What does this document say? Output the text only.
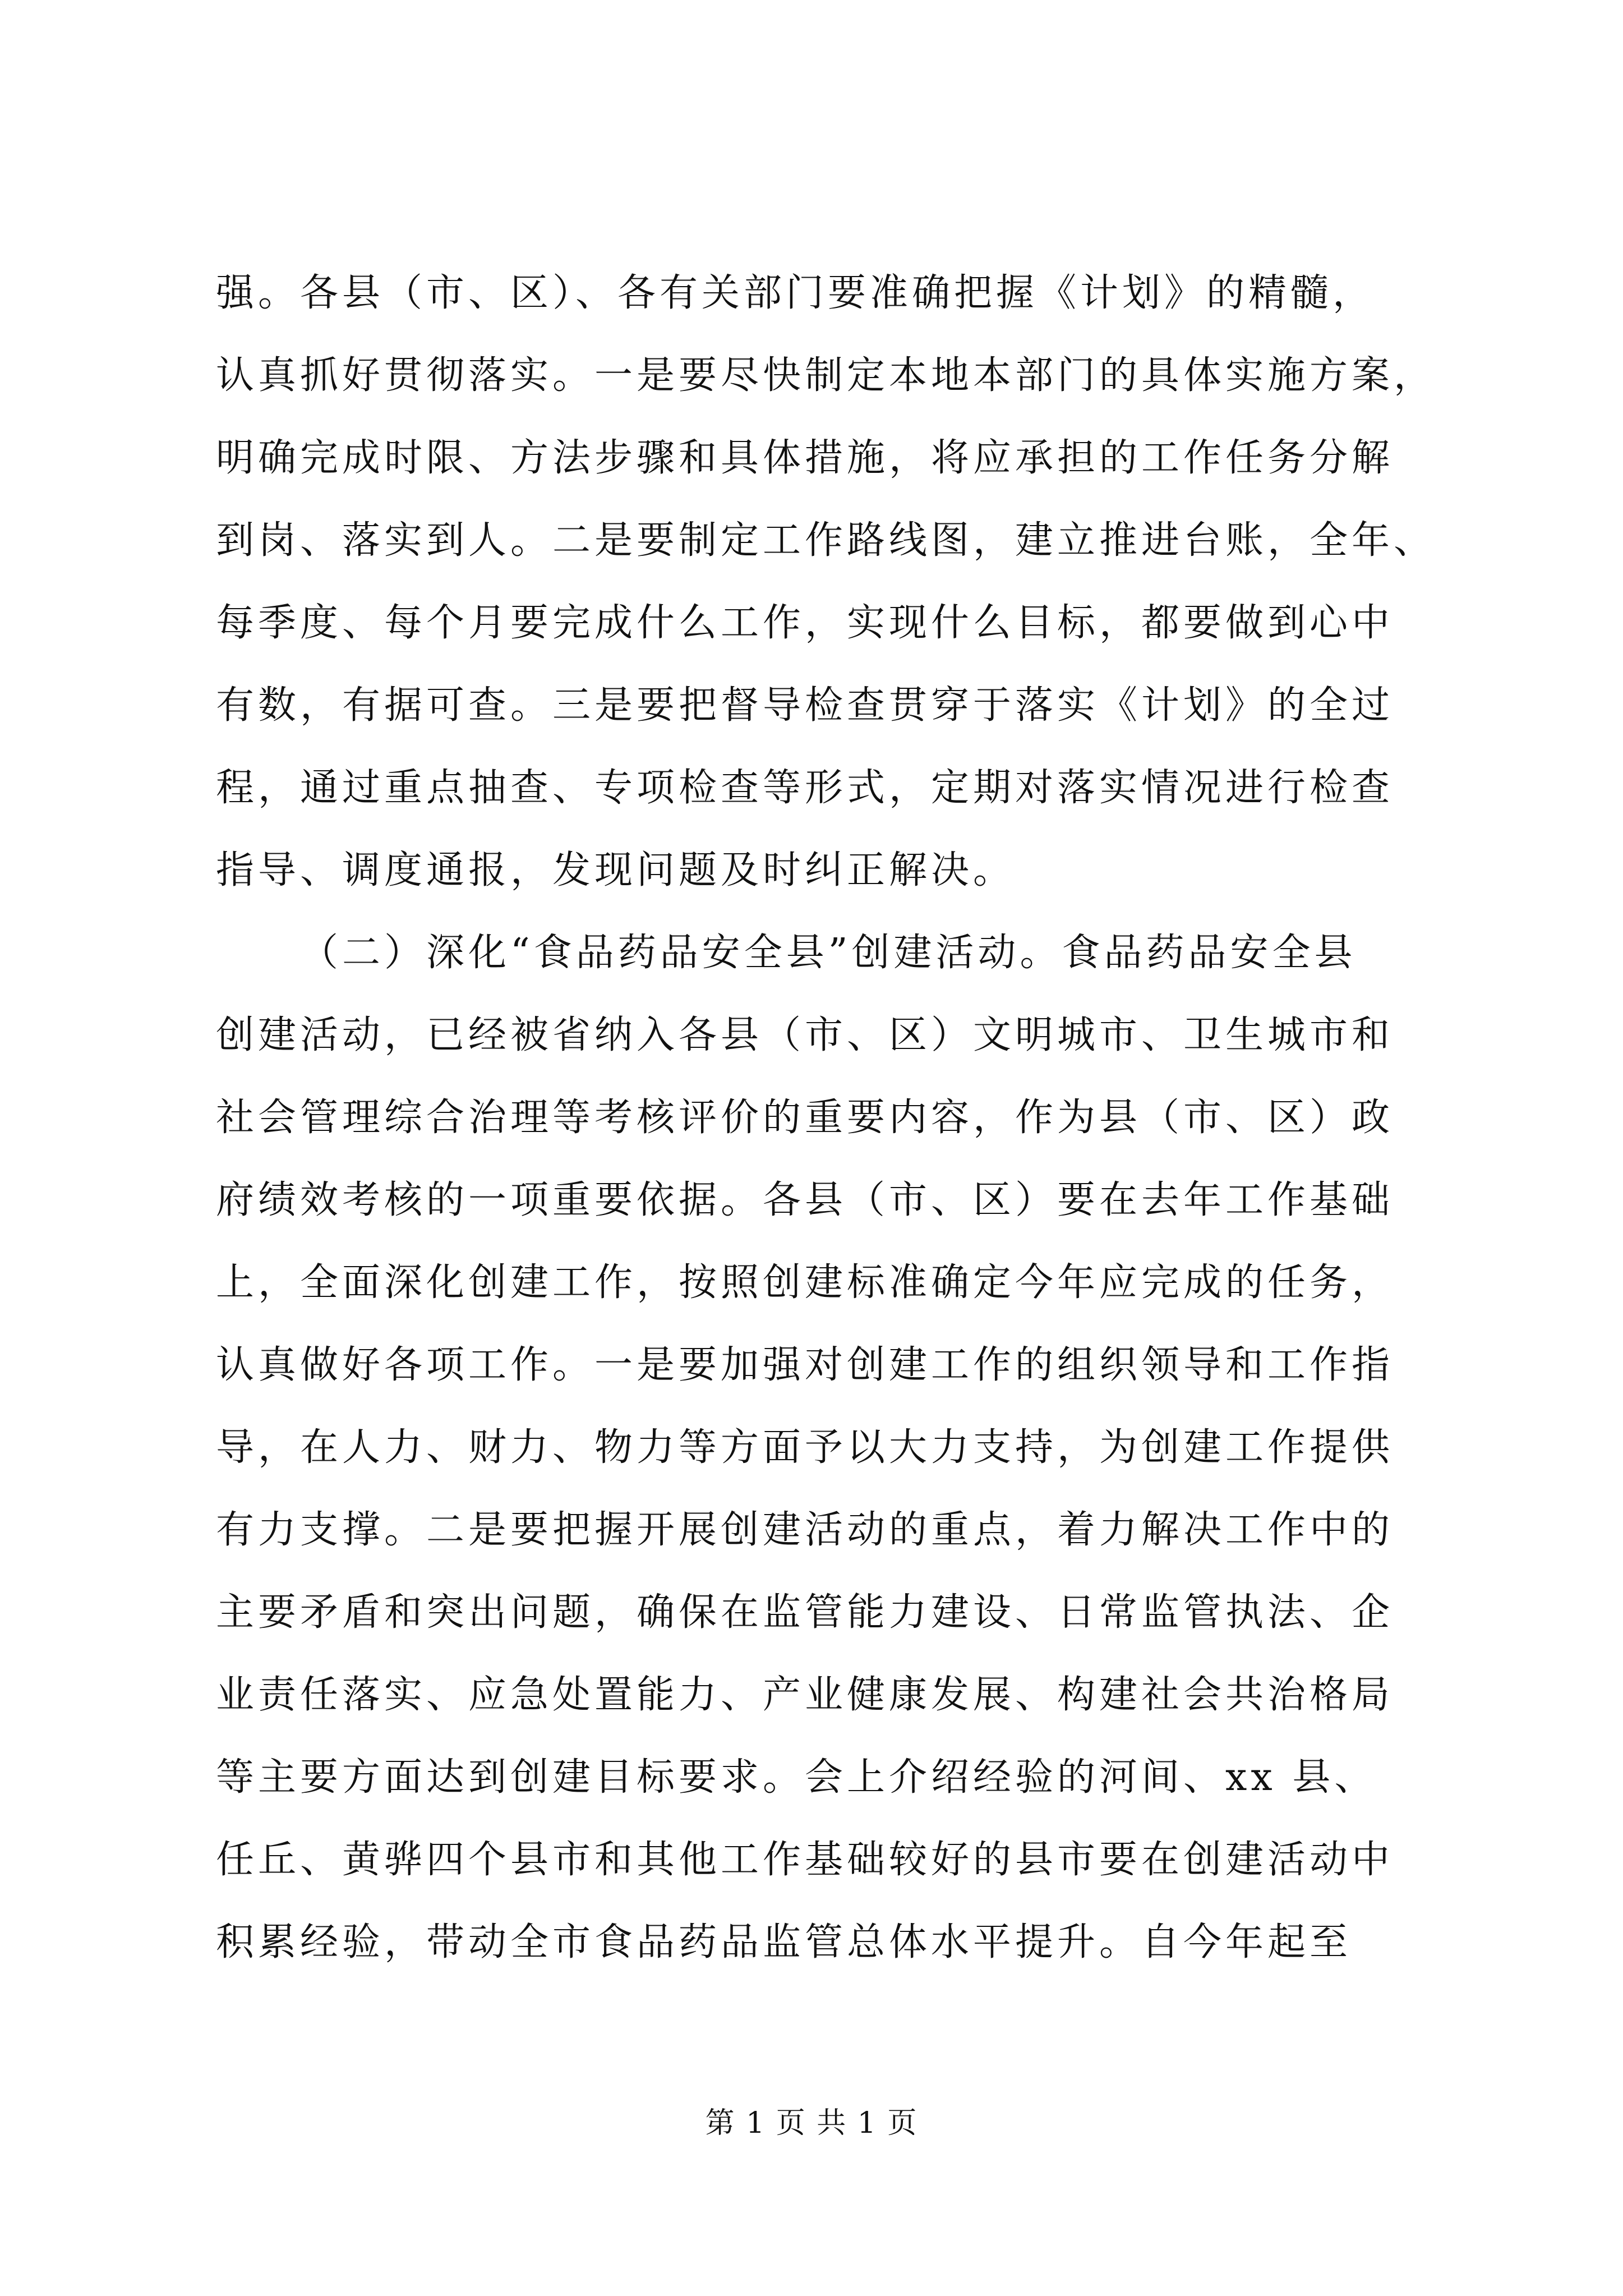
强。各县（市、区）、各有关部门要准确把握《计划》的精髓，
认真抓好贯彻落实。一是要尽快制定本地本部门的具体实施方案，
明确完成时限、方法步骤和具体措施，将应承担的工作任务分解
到岗、落实到人。二是要制定工作路线图，建立推进台账，全年、
每季度、每个月要完成什么工作，实现什么目标，都要做到心中
有数，有据可查。三是要把督导检查贯穿于落实《计划》的全过
程，通过重点抽查、专项检查等形式，定期对落实情况进行检查
指导、调度通报，发现问题及时纠正解决。
（二）深化“食品药品安全县”创建活动。食品药品安全县
创建活动，已经被省纳入各县（市、区）文明城市、卫生城市和
社会管理综合治理等考核评价的重要内容，作为县（市、区）政
府绩效考核的一项重要依据。各县（市、区）要在去年工作基础
上，全面深化创建工作，按照创建标准确定今年应完成的任务，
认真做好各项工作。一是要加强对创建工作的组织领导和工作指
导，在人力、财力、物力等方面予以大力支持，为创建工作提供
有力支撑。二是要把握开展创建活动的重点，着力解决工作中的
主要矛盾和突出问题，确保在监管能力建设、日常监管执法、企
业责任落实、应急处置能力、产业健康发展、构建社会共治格局
等主要方面达到创建目标要求。会上介绍经验的河间、xx 县、
任丘、黄骅四个县市和其他工作基础较好的县市要在创建活动中
积累经验，带动全市食品药品监管总体水平提升。自今年起至
第 1 页 共 1 页
